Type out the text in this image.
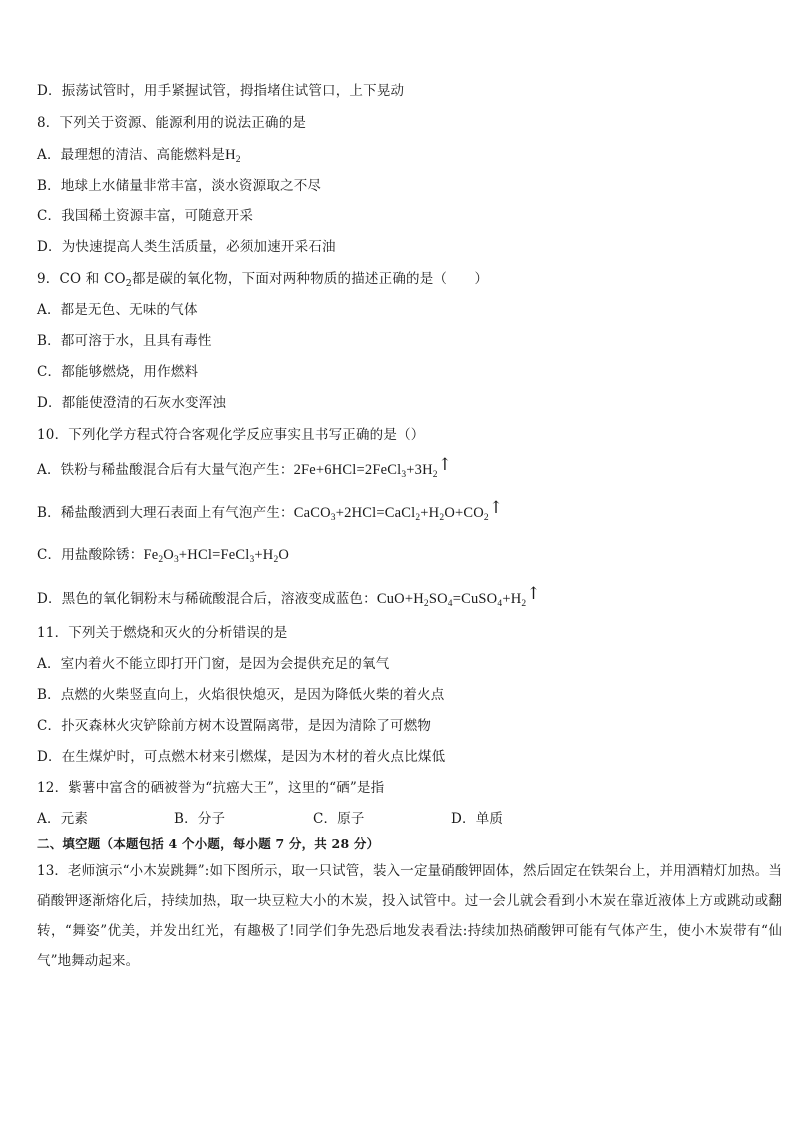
D．振荡试管时，用手紧握试管，拇指堵住试管口，上下晃动
8．下列关于资源、能源利用的说法正确的是
A．最理想的清洁、高能燃料是$H_2$
B．地球上水储量非常丰富，淡水资源取之不尽
C．我国稀土资源丰富，可随意开采
D．为快速提高人类生活质量，必须加速开采石油
9．CO 和 $CO_2$都是碳的氧化物，下面对两种物质的描述正确的是（　　）
A．都是无色、无味的气体
B．都可溶于水，且具有毒性
C．都能够燃烧，用作燃料
D．都能使澄清的石灰水变浑浊
10．下列化学方程式符合客观化学反应事实且书写正确的是（）
A．铁粉与稀盐酸混合后有大量气泡产生：$2Fe+6HCl=2FeCl_3+3H_2↑$
B．稀盐酸洒到大理石表面上有气泡产生：$CaCO_3+2HCl=CaCl_2+H_2O+CO_2↑$
C．用盐酸除锈：$Fe_2O_3+HCl=FeCl_3+H_2O$
D．黑色的氧化铜粉末与稀硫酸混合后，溶液变成蓝色：$CuO+H_2SO_4=CuSO_4+H_2↑$
11．下列关于燃烧和灭火的分析错误的是
A．室内着火不能立即打开门窗，是因为会提供充足的氧气
B．点燃的火柴竖直向上，火焰很快熄灭，是因为降低火柴的着火点
C．扑灭森林火灾铲除前方树木设置隔离带，是因为清除了可燃物
D．在生煤炉时，可点燃木材来引燃煤，是因为木材的着火点比煤低
12．紫薯中富含的硒被誉为“抗癌大王”，这里的“硒”是指
A．元素	B．分子	C．原子	D．单质
二、填空题（本题包括 4 个小题，每小题 7 分，共 28 分）
13．老师演示“小木炭跳舞”:如下图所示，取一只试管，装入一定量硝酸钾固体，然后固定在铁架台上，并用酒精灯加热。当硝酸钾逐渐熔化后，持续加热，取一块豆粒大小的木炭，投入试管中。过一会儿就会看到小木炭在靠近液体上方或跳动或翻转，“舞姿”优美，并发出红光，有趣极了!同学们争先恐后地发表看法:持续加热硝酸钾可能有气体产生，使小木炭带有“仙气”地舞动起来。
